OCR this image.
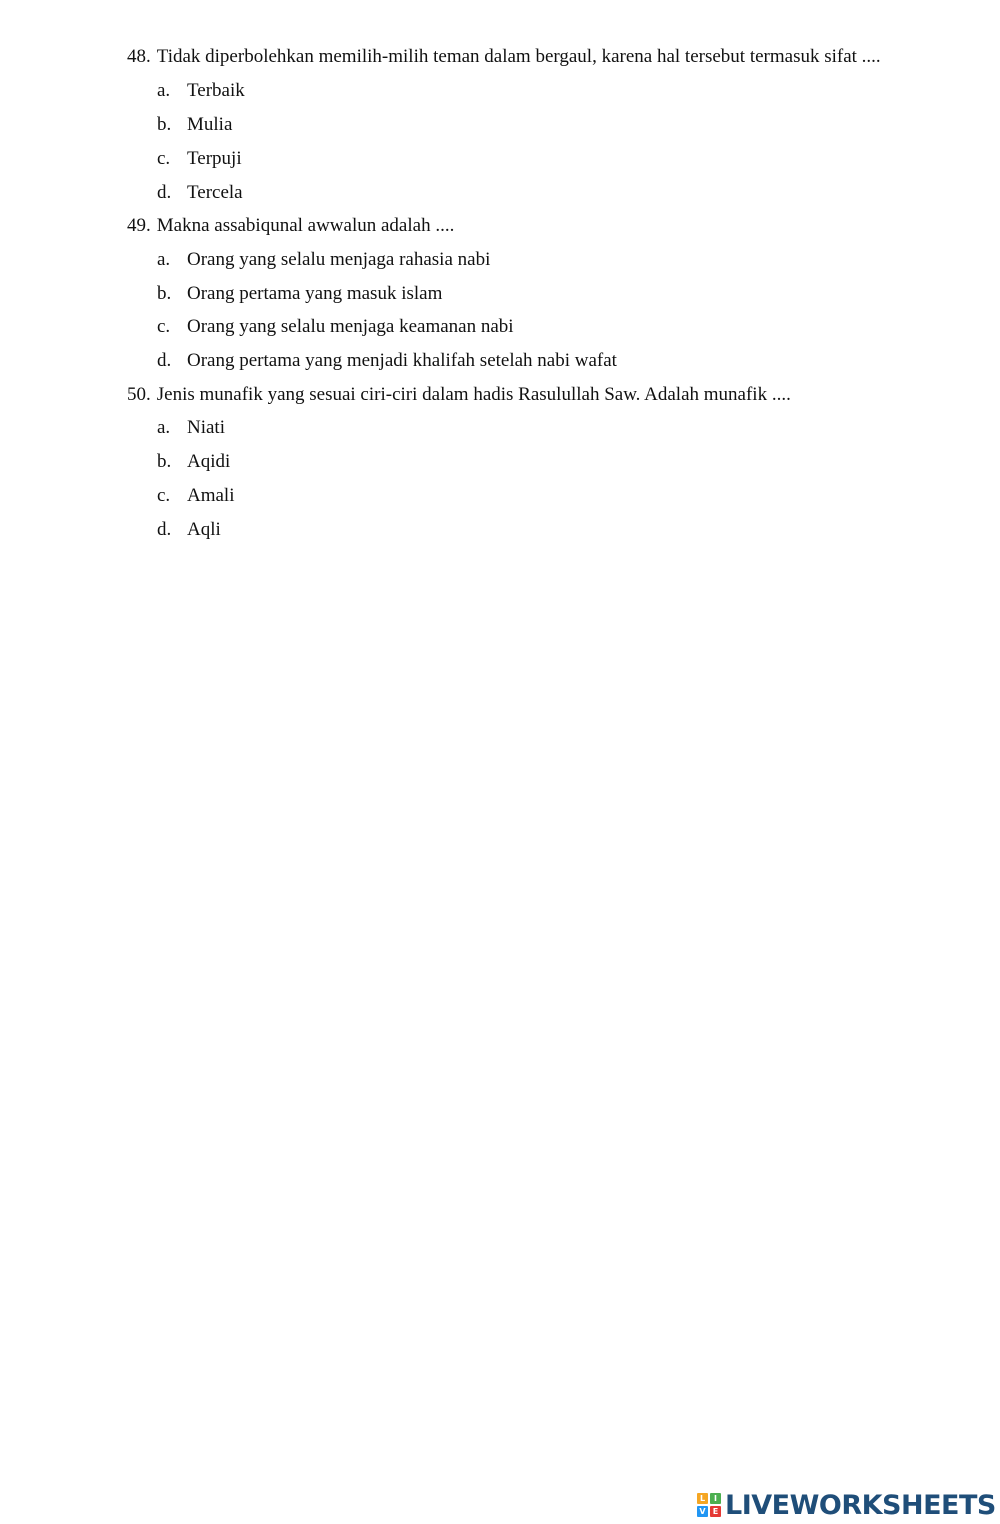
48. Tidak diperbolehkan memilih-milih teman dalam bergaul, karena hal tersebut termasuk sifat ....
a. Terbaik
b. Mulia
c. Terpuji
d. Tercela
49. Makna assabiqunal awwalun adalah ....
a. Orang yang selalu menjaga rahasia nabi
b. Orang pertama yang masuk islam
c. Orang yang selalu menjaga keamanan nabi
d. Orang pertama yang menjadi khalifah setelah nabi wafat
50. Jenis munafik yang sesuai ciri-ciri dalam hadis Rasulullah Saw. Adalah munafik ....
a. Niati
b. Aqidi
c. Amali
d. Aqli
L	I
V E LIVEWORKSHEETS
